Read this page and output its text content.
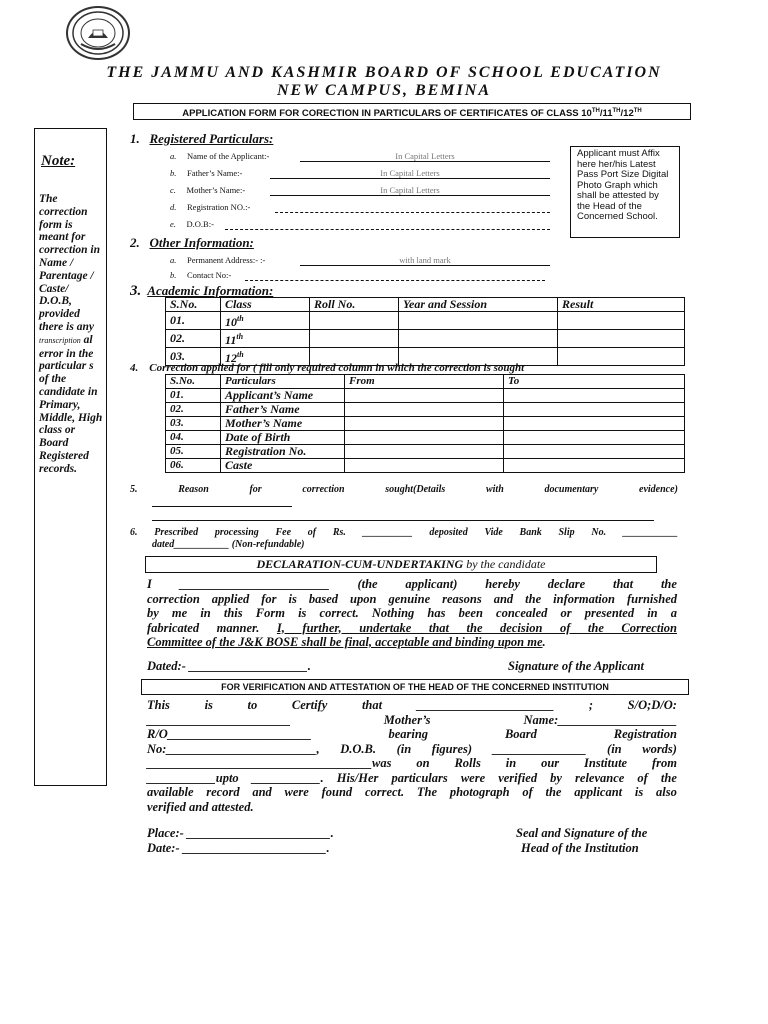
THE JAMMU AND KASHMIR BOARD OF SCHOOL EDUCATION
NEW CAMPUS, BEMINA
APPLICATION FORM FOR CORECTION IN PARTICULARS OF CERTIFICATES OF CLASS 10TH/11TH/12TH
Note:
The correction form is meant for correction in Name / Parentage / Caste/ D.O.B, provided there is any transcription al error in the particular s of the candidate in Primary, Middle, High class or Board Registered records.
Applicant must Affix here her/his Latest Pass Port Size Digital Photo Graph which shall be attested by the Head of the Concerned School.
1. Registered Particulars:
a. Name of the Applicant:-	In Capital Letters
b. Father’s Name:-	In Capital Letters
c. Mother’s Name:-	In Capital Letters
d. Registration NO.:-
e. D.O.B:-
2. Other Information:
a. Permanent Address:- :-	with land mark
b. Contact No:-
3. Academic Information:
S.No.	Class	Roll No.	Year and Session	Result
01.	10th			
02.	11th			
03.	12th			
4. Correction applied for ( fill only required column in which the correction is sought
S.No.	Particulars	From	To
01.	Applicant’s Name		
02.	Father’s Name		
03.	Mother’s Name		
04.	Date of Birth		
05.	Registration No.		
06.	Caste		
5.	Reason	for	correction	sought(Details	with	documentary	evidence)
6. Prescribed processing Fee of Rs. __________ deposited Vide Bank Slip No. ___________
dated___________ (Non-refundable)
DECLARATION-CUM-UNDERTAKING by the candidate
I ________________________ (the applicant) hereby declare that the
correction applied for is based upon genuine reasons and the information furnished
by me in this Form is correct. Nothing has been concealed or presented in a
fabricated manner. I, further, undertake that the decision of the Correction
Committee of the J&K BOSE shall be final, acceptable and binding upon me.
Dated:- ___________________.	Signature of the Applicant
FOR VERIFICATION AND ATTESTATION OF THE HEAD OF THE CONCERNED INSTITUTION
This	is	to	Certify	that	______________________	;	S/O;D/O:
_______________________	Mother’s	Name:___________________
R/O_______________________	bearing	Board	Registration
No:________________________, D.O.B. (in figures) _______________ (in words)
____________________________________was on Rolls in our Institute from
___________upto ___________. His/Her particulars were verified by relevance of the
available record and were found correct. The photograph of the applicant is also
verified and attested.
Place:- _______________________.
Date:- _______________________.
Seal and Signature of the
Head of the Institution
